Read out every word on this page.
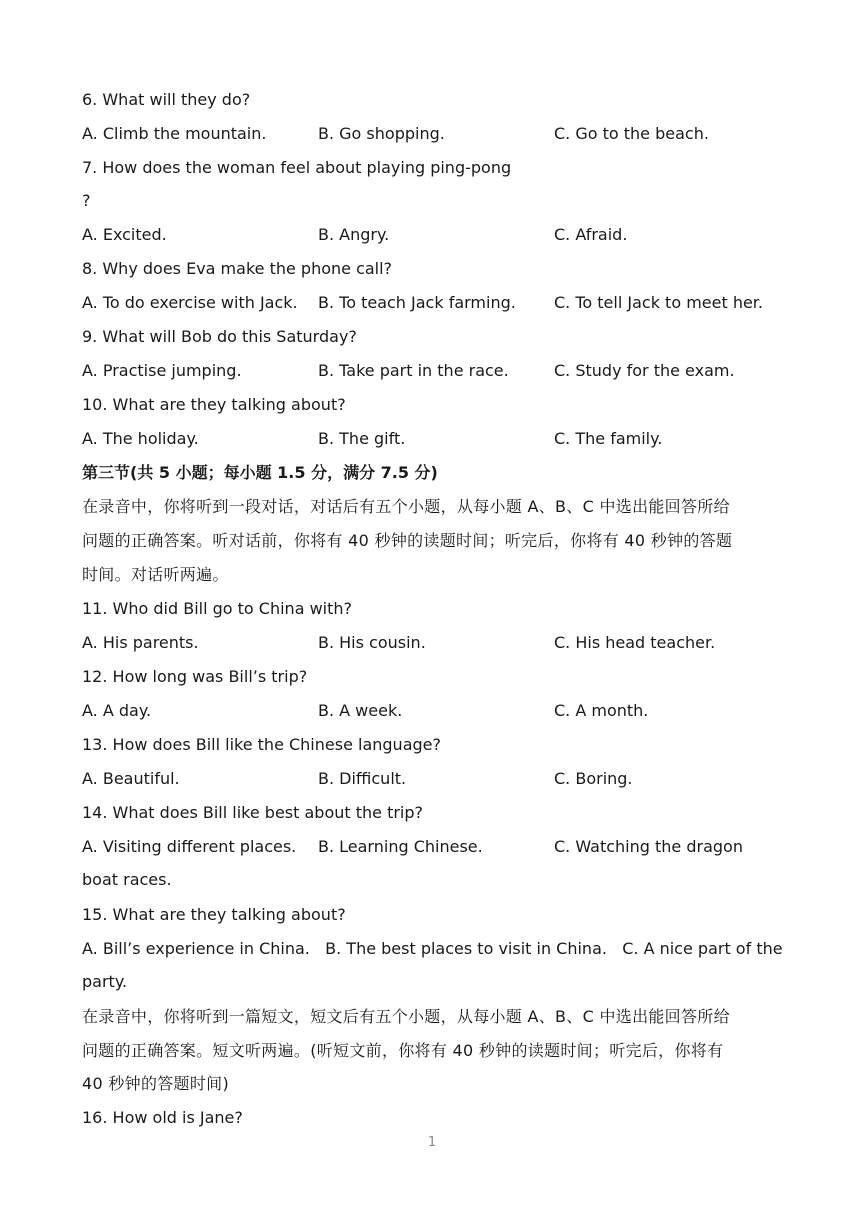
6. What will they do?
A. Climb the mountain.	B. Go shopping.	C. Go to the beach.
7. How does the woman feel about playing ping-pong
?
A. Excited.	B. Angry.	C. Afraid.
8. Why does Eva make the phone call?
A. To do exercise with Jack. B. To teach Jack farming. C. To tell Jack to meet her.
9. What will Bob do this Saturday?
A. Practise jumping.	B. Take part in the race.	C. Study for the exam.
10. What are they talking about?
A. The holiday.	B. The gift.	C. The family.
第三节(共 5 小题；每小题 1.5 分，满分 7.5 分)
在录音中，你将听到一段对话，对话后有五个小题，从每小题 A、B、C 中选出能回答所给
问题的正确答案。听对话前，你将有 40 秒钟的读题时间；听完后，你将有 40 秒钟的答题
时间。对话听两遍。
11. Who did Bill go to China with?
A. His parents.	B. His cousin.	C. His head teacher.
12. How long was Bill’s trip?
A. A day.	B. A week.	C. A month.
13. How does Bill like the Chinese language?
A. Beautiful.	B. Difficult.	C. Boring.
14. What does Bill like best about the trip?
A. Visiting different places. B. Learning Chinese.	C. Watching the dragon
boat races.
15. What are they talking about?
A. Bill’s experience in China.   B. The best places to visit in China.   C. A nice part of the
party.
在录音中，你将听到一篇短文，短文后有五个小题，从每小题 A、B、C 中选出能回答所给
问题的正确答案。短文听两遍。(听短文前，你将有 40 秒钟的读题时间；听完后，你将有
40 秒钟的答题时间)
16. How old is Jane?
1
